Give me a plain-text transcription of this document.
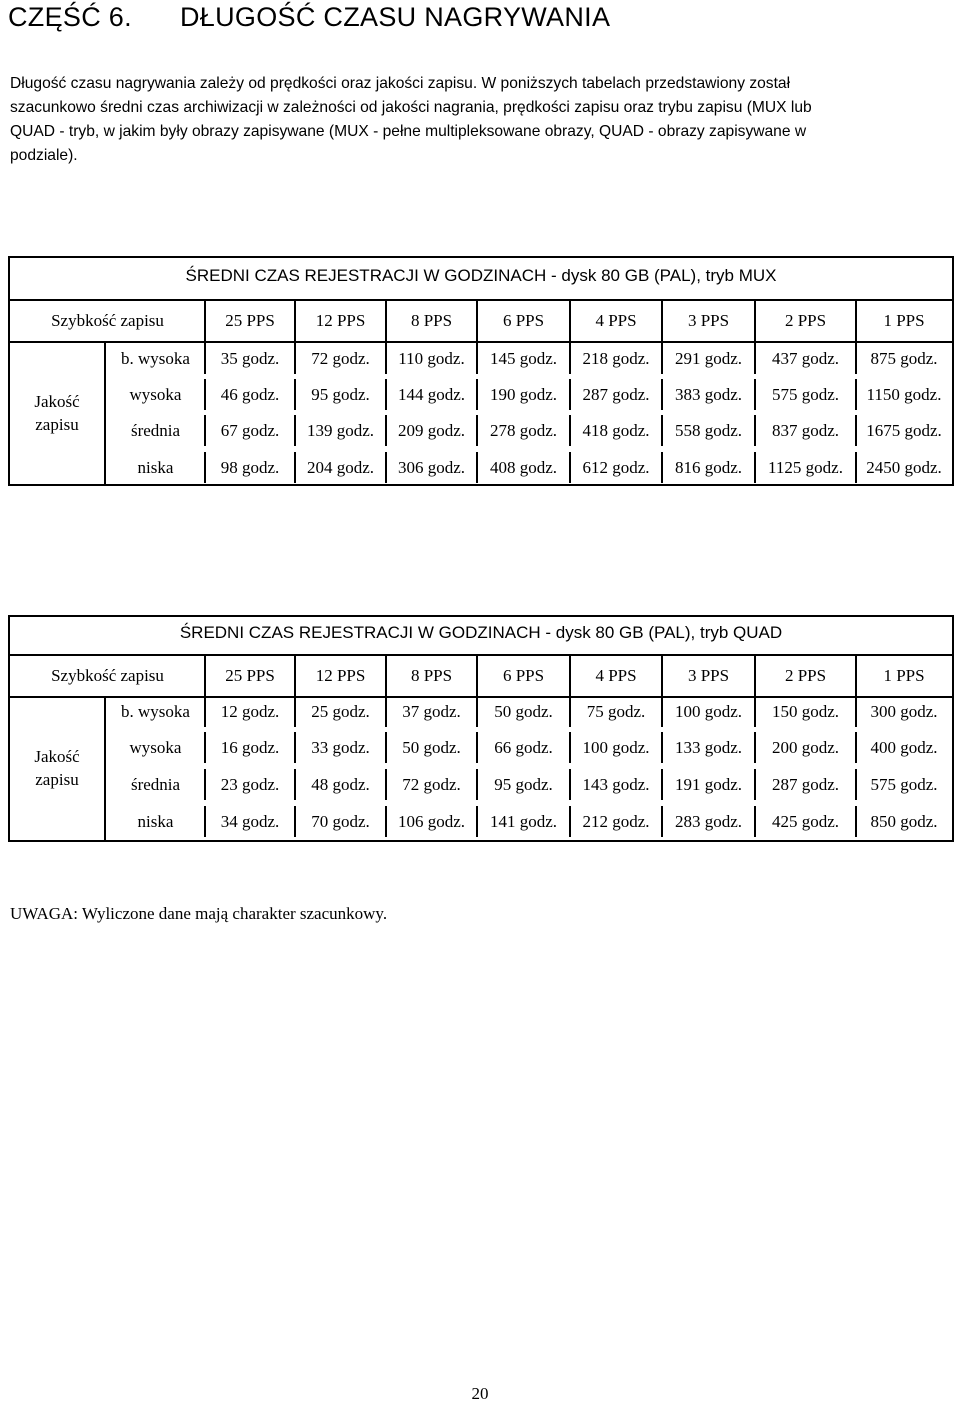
CZĘŚĆ 6. DŁUGOŚĆ CZASU NAGRYWANIA
Długość czasu nagrywania zależy od prędkości oraz jakości zapisu. W poniższych tabelach przedstawiony został
szacunkowo średni czas archiwizacji w zależności od jakości nagrania, prędkości zapisu oraz trybu zapisu (MUX lub
QUAD - tryb, w jakim były obrazy zapisywane (MUX - pełne multipleksowane obrazy, QUAD - obrazy zapisywane w
podziale).
ŚREDNI CZAS REJESTRACJI W GODZINACH - dysk 80 GB (PAL), tryb MUX
Szybkość zapisu	25 PPS	12 PPS	8 PPS	6 PPS	4 PPS	3 PPS	2 PPS	1 PPS
Jakość
zapisu
b. wysoka	35 godz.	72 godz.	110 godz.	145 godz.	218 godz.	291 godz.	437 godz.	875 godz.
wysoka	46 godz.	95 godz.	144 godz.	190 godz.	287 godz.	383 godz.	575 godz.	1150 godz.
średnia	67 godz.	139 godz.	209 godz.	278 godz.	418 godz.	558 godz.	837 godz.	1675 godz.
niska	98 godz.	204 godz.	306 godz.	408 godz.	612 godz.	816 godz.	1125 godz.	2450 godz.
ŚREDNI CZAS REJESTRACJI W GODZINACH - dysk 80 GB (PAL), tryb QUAD
Szybkość zapisu	25 PPS	12 PPS	8 PPS	6 PPS	4 PPS	3 PPS	2 PPS	1 PPS
Jakość
zapisu
b. wysoka	12 godz.	25 godz.	37 godz.	50 godz.	75 godz.	100 godz.	150 godz.	300 godz.
wysoka	16 godz.	33 godz.	50 godz.	66 godz.	100 godz.	133 godz.	200 godz.	400 godz.
średnia	23 godz.	48 godz.	72 godz.	95 godz.	143 godz.	191 godz.	287 godz.	575 godz.
niska	34 godz.	70 godz.	106 godz.	141 godz.	212 godz.	283 godz.	425 godz.	850 godz.
UWAGA: Wyliczone dane mają charakter szacunkowy.
20
